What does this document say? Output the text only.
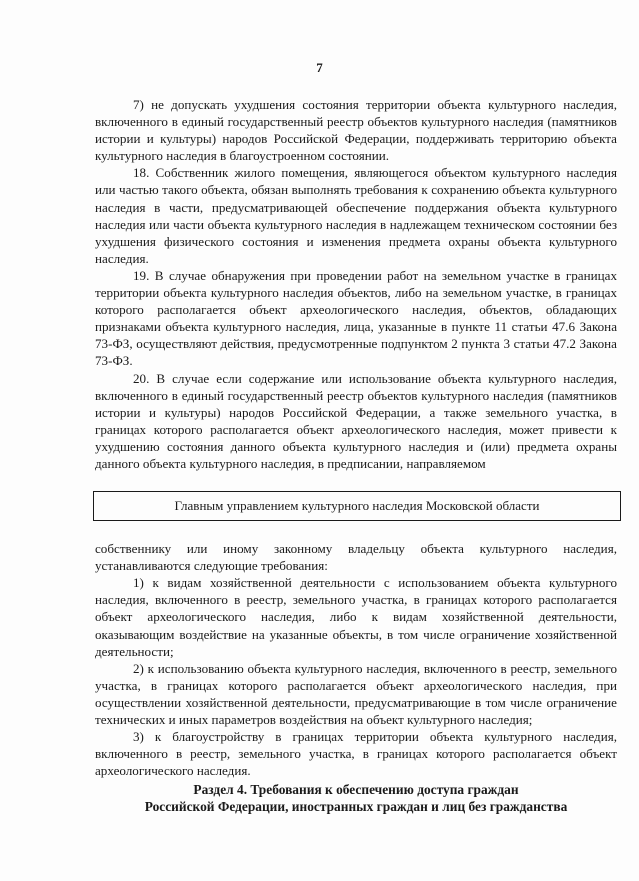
7

7) не допускать ухудшения состояния территории объекта культурного наследия, включенного в единый государственный реестр объектов культурного наследия (памятников истории и культуры) народов Российской Федерации, поддерживать территорию объекта культурного наследия в благоустроенном состоянии.

18. Собственник жилого помещения, являющегося объектом культурного наследия или частью такого объекта, обязан выполнять требования к сохранению объекта культурного наследия в части, предусматривающей обеспечение поддержания объекта культурного наследия или части объекта культурного наследия в надлежащем техническом состоянии без ухудшения физического состояния и изменения предмета охраны объекта культурного наследия.

19. В случае обнаружения при проведении работ на земельном участке в границах территории объекта культурного наследия объектов, либо на земельном участке, в границах которого располагается объект археологического наследия, объектов, обладающих признаками объекта культурного наследия, лица, указанные в пункте 11 статьи 47.6 Закона 73-ФЗ, осуществляют действия, предусмотренные подпунктом 2 пункта 3 статьи 47.2 Закона 73-ФЗ.

20. В случае если содержание или использование объекта культурного наследия, включенного в единый государственный реестр объектов культурного наследия (памятников истории и культуры) народов Российской Федерации, а также земельного участка, в границах которого располагается объект археологического наследия, может привести к ухудшению состояния данного объекта культурного наследия и (или) предмета охраны данного объекта культурного наследия, в предписании, направляемом

Главным управлением культурного наследия Московской области

собственнику или иному законному владельцу объекта культурного наследия, устанавливаются следующие требования:

1) к видам хозяйственной деятельности с использованием объекта культурного наследия, включенного в реестр, земельного участка, в границах которого располагается объект археологического наследия, либо к видам хозяйственной деятельности, оказывающим воздействие на указанные объекты, в том числе ограничение хозяйственной деятельности;

2) к использованию объекта культурного наследия, включенного в реестр, земельного участка, в границах которого располагается объект археологического наследия, при осуществлении хозяйственной деятельности, предусматривающие в том числе ограничение технических и иных параметров воздействия на объект культурного наследия;

3) к благоустройству в границах территории объекта культурного наследия, включенного в реестр, земельного участка, в границах которого располагается объект археологического наследия.

Раздел 4. Требования к обеспечению доступа граждан
Российской Федерации, иностранных граждан и лиц без гражданства
